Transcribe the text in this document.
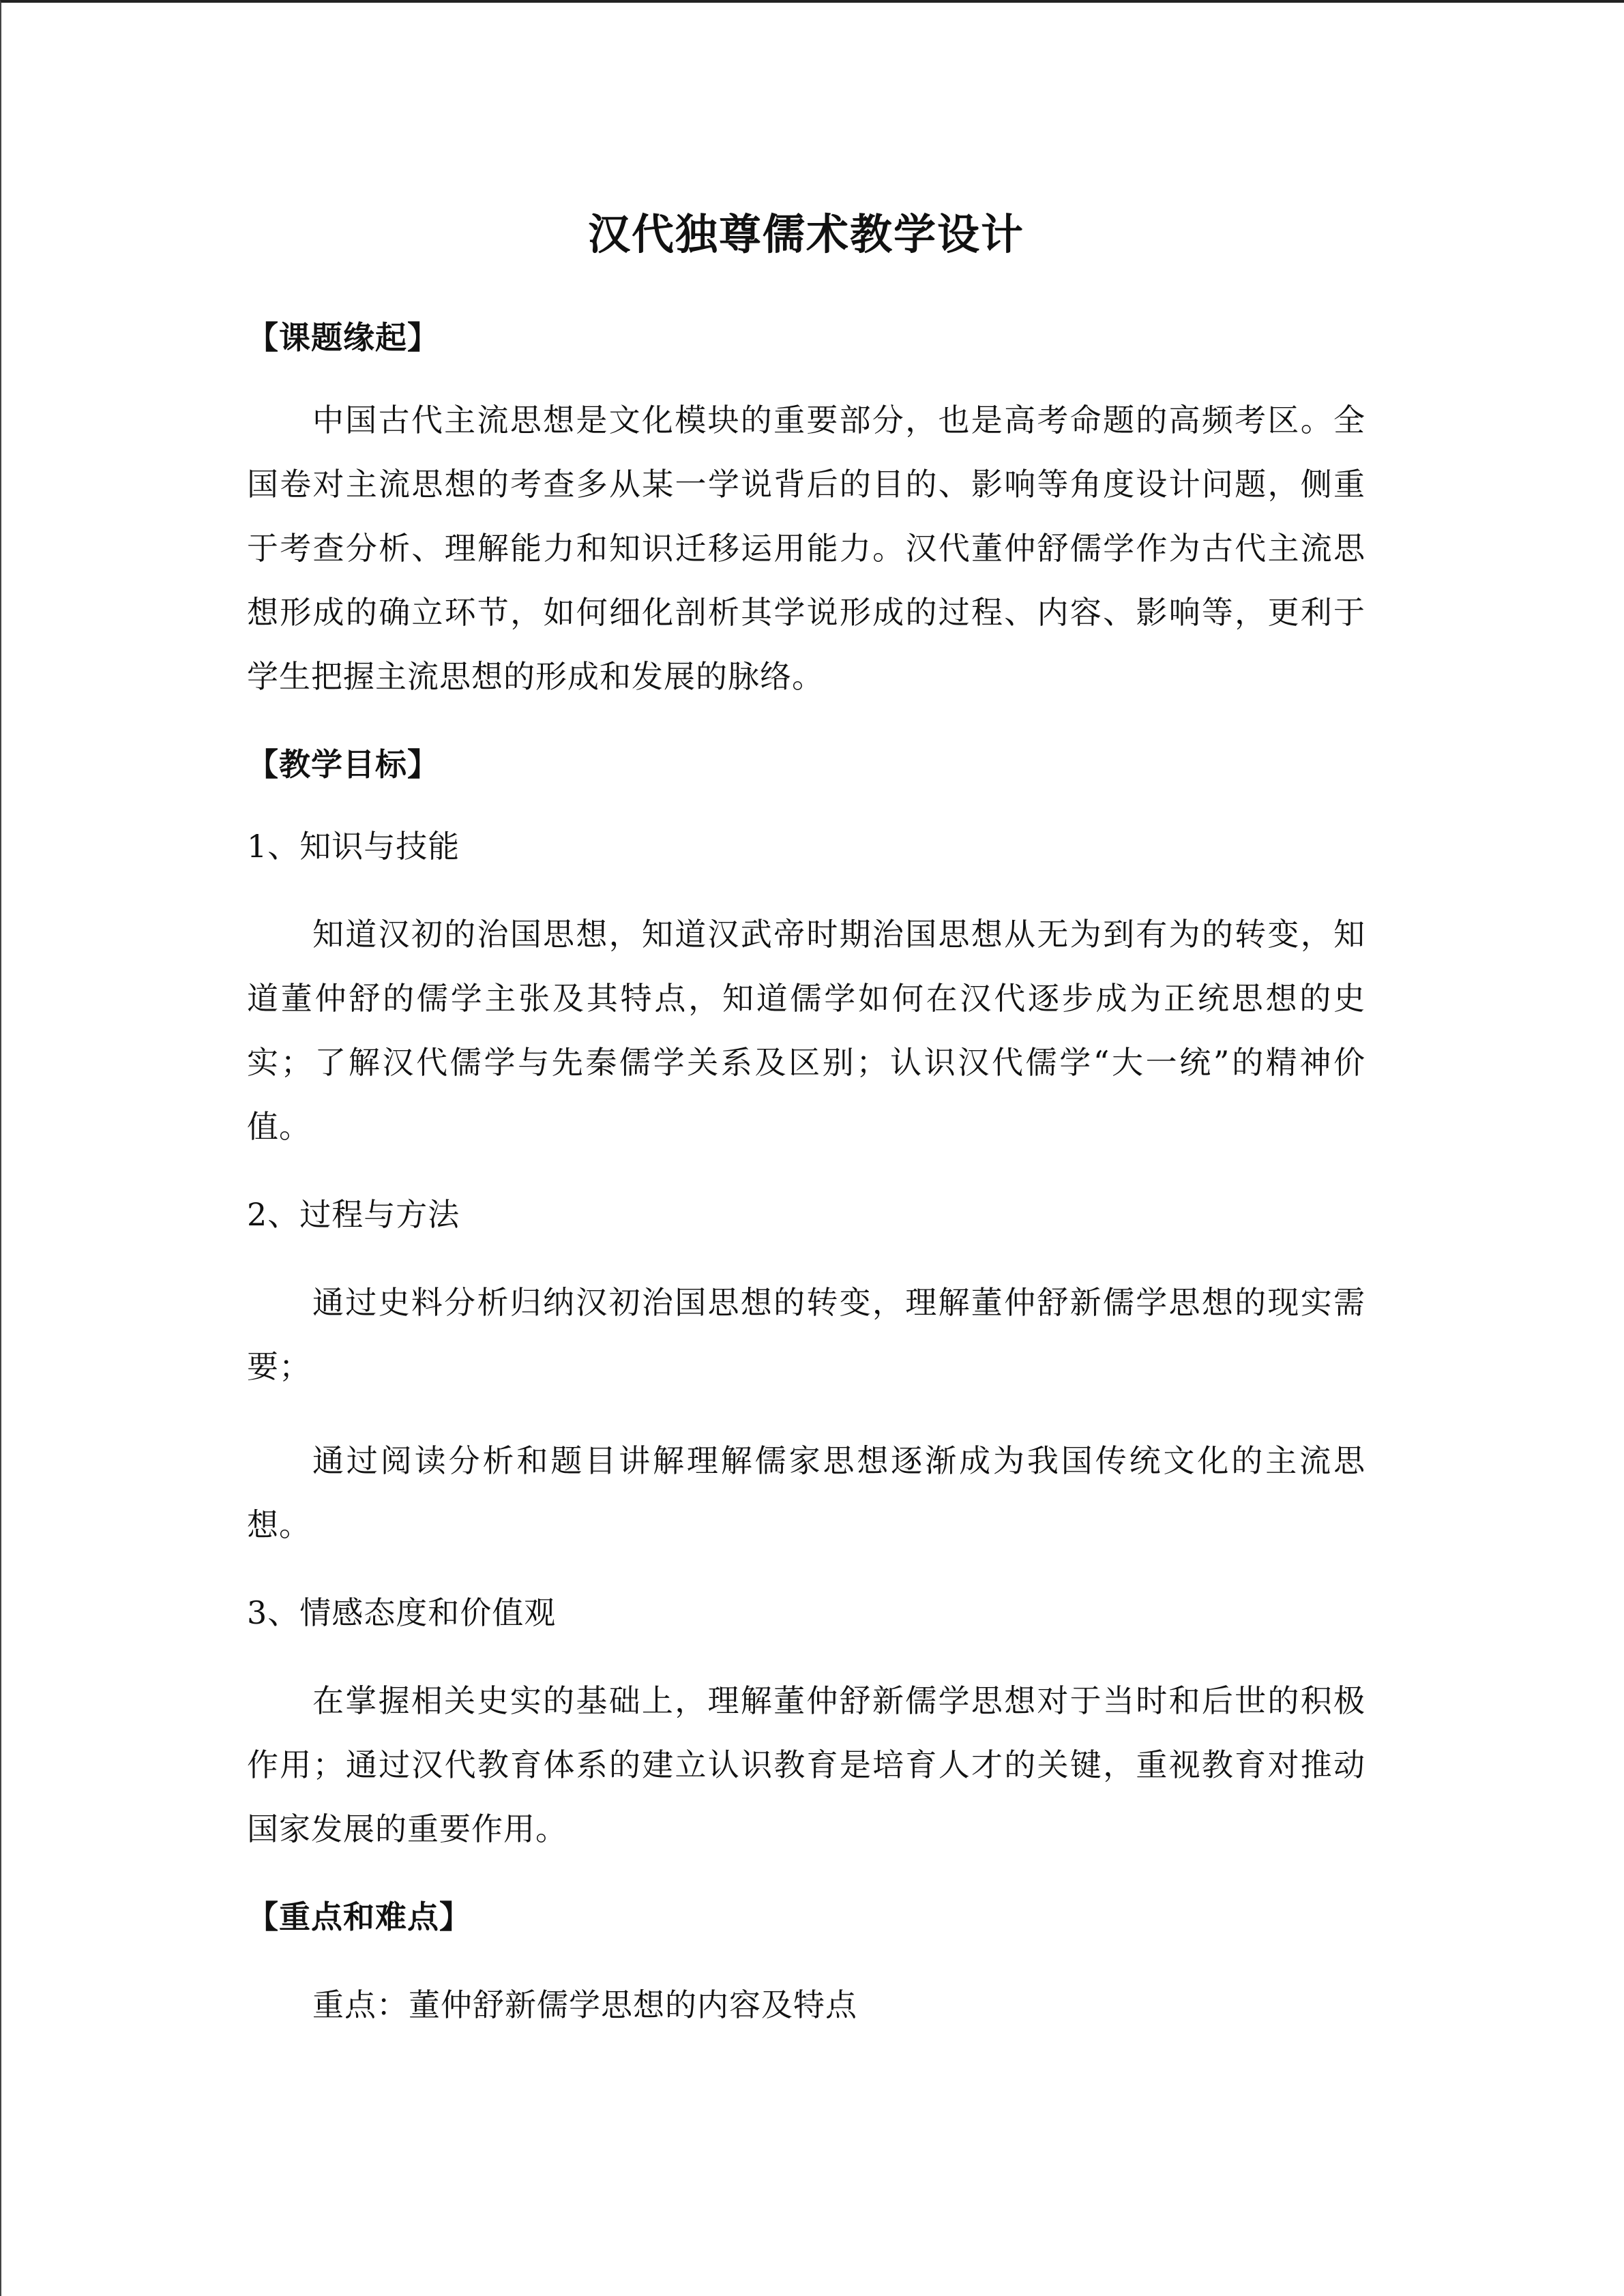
汉代独尊儒术教学设计
【课题缘起】

中国古代主流思想是文化模块的重要部分，也是高考命题的高频考区。全国卷对主流思想的考查多从某一学说背后的目的、影响等角度设计问题，侧重于考查分析、理解能力和知识迁移运用能力。汉代董仲舒儒学作为古代主流思想形成的确立环节，如何细化剖析其学说形成的过程、内容、影响等，更利于学生把握主流思想的形成和发展的脉络。

【教学目标】

1、知识与技能

知道汉初的治国思想，知道汉武帝时期治国思想从无为到有为的转变，知道董仲舒的儒学主张及其特点，知道儒学如何在汉代逐步成为正统思想的史实；了解汉代儒学与先秦儒学关系及区别；认识汉代儒学“大一统”的精神价值。

2、过程与方法

通过史料分析归纳汉初治国思想的转变，理解董仲舒新儒学思想的现实需要；

通过阅读分析和题目讲解理解儒家思想逐渐成为我国传统文化的主流思想。

3、情感态度和价值观

在掌握相关史实的基础上，理解董仲舒新儒学思想对于当时和后世的积极作用；通过汉代教育体系的建立认识教育是培育人才的关键，重视教育对推动国家发展的重要作用。

【重点和难点】

重点：董仲舒新儒学思想的内容及特点
